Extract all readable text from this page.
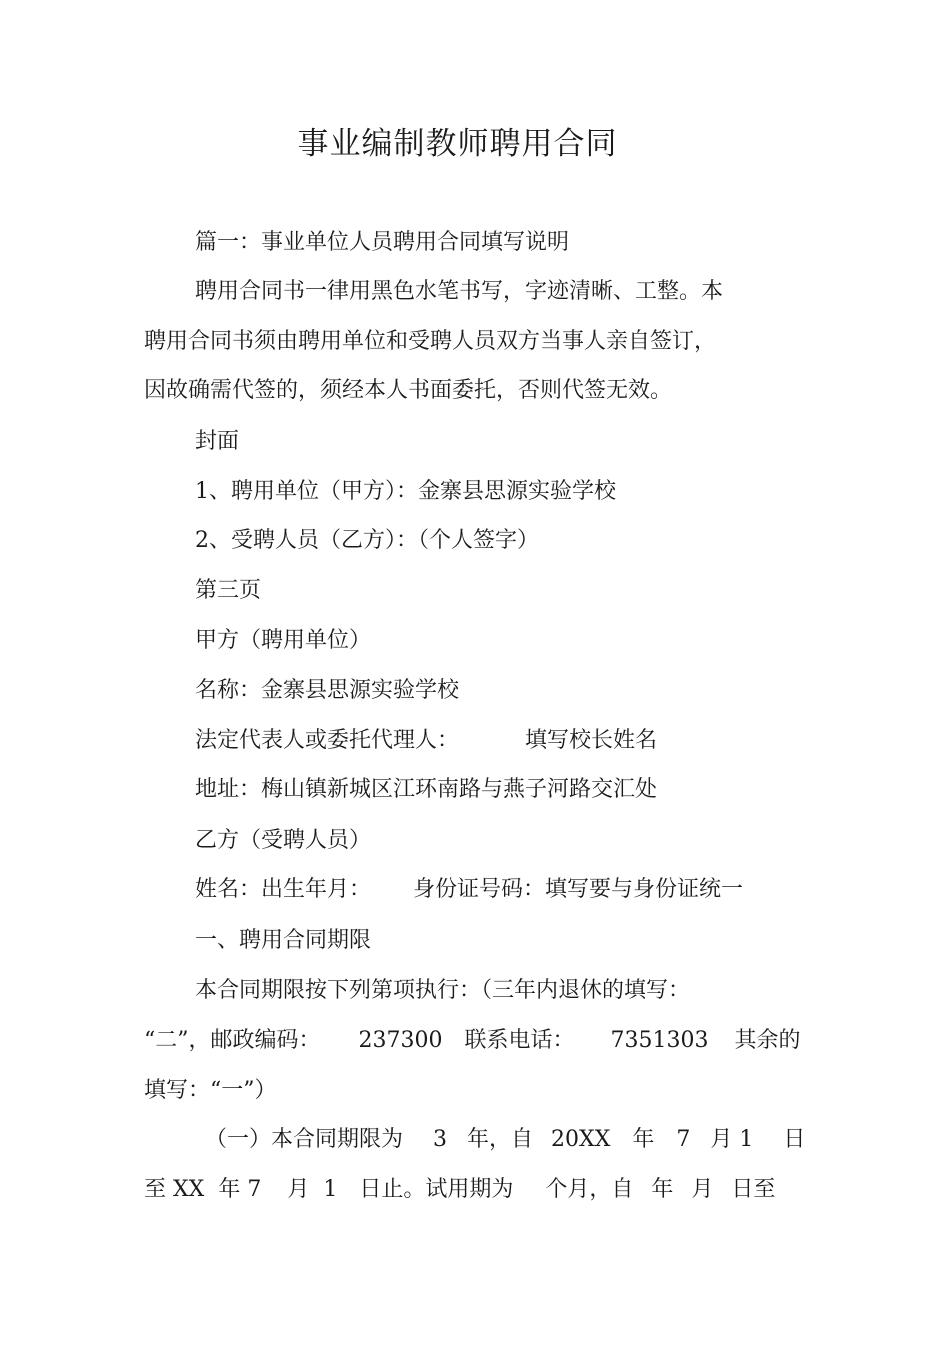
事业编制教师聘用合同
篇一：事业单位人员聘用合同填写说明
聘用合同书一律用黑色水笔书写，字迹清晰、工整。本
聘用合同书须由聘用单位和受聘人员双方当事人亲自签订，
因故确需代签的，须经本人书面委托，否则代签无效。
封面
1、聘用单位（甲方）：金寨县思源实验学校
2、受聘人员（乙方）：（个人签字）
第三页
甲方（聘用单位）
名称：金寨县思源实验学校
法定代表人或委托代理人：	填写校长姓名
地址：梅山镇新城区江环南路与燕子河路交汇处
乙方（受聘人员）
姓名：出生年月： 身份证号码：填写要与身份证统一
一、聘用合同期限
本合同期限按下列第项执行：（三年内退休的填写：
“二”，邮政编码： 237300 联系电话： 7351303 其余的
填写：“一”）
（一）本合同期限为 3 年，自 20XX 年 7 月 1 日
至 XX 年 7 月 1 日止。试用期为 个月，自 年 月 日至
